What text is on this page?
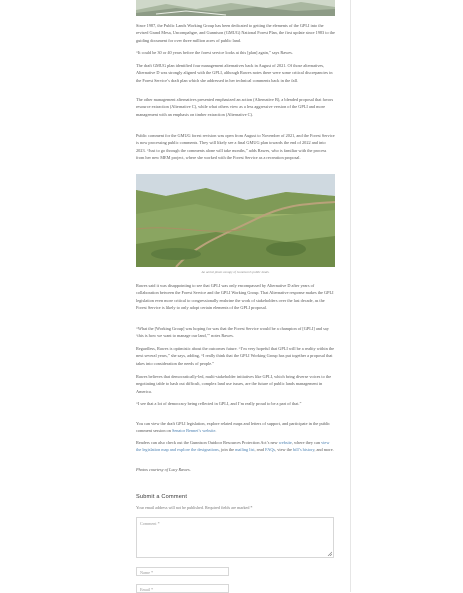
Since 1987, the Public Lands Working Group has been dedicated to getting the elements of the GPLI into the revised Grand Mesa, Uncompahgre, and Gunnison (GMUG) National Forest Plan, the first update since 1983 to the guiding document for over three million acres of public land.

“It could be 30 or 40 years before the forest service looks at this [plan] again,” says Rawes.

The draft GMUG plan identified four management alternatives back in August of 2021. Of those alternatives, Alternative D was strongly aligned with the GPLI, although Rawes notes there were some critical discrepancies in the Forest Service’s draft plan which she addressed in her technical comments back in the fall.

The other management alternatives presented emphasized an action (Alternative B), a blended proposal that favors resource extraction (Alternative C), while what others view as a less aggressive version of the GPLI and more management with an emphasis on timber extraction (Alternative C).

Public comment for the GMUG forest revision was open from August to November of 2021, and the Forest Service is now processing public comments. They will likely see a final GMUG plan towards the end of 2022 and into 2023. “Just to go through the comments alone will take months,” adds Rawes, who is familiar with the process from her new MEM project, where she worked with the Forest Service as a recreation proposal.

An aerial photo canopy of Gunnison’s public lands.

Rawes said it was disappointing to see that GPLI was only encompassed by Alternative D after years of collaboration between the Forest Service and the GPLI Working Group. That Alternative response makes the GPLI legislation even more critical to congressionally enshrine the work of stakeholders over the last decade, as the Forest Service is likely to only adopt certain elements of the GPLI proposal.

“What the [Working Group] was hoping for was that the Forest Service would be a champion of [GPLI] and say ‘this is how we want to manage our land,’” notes Rawes.

Regardless, Rawes is optimistic about the outcomes future. “I’m very hopeful that GPLI will be a reality within the next several years,” she says, adding, “I really think that the GPLI Working Group has put together a proposal that takes into consideration the needs of people.”

Rawes believes that democratically-led, multi-stakeholder initiatives like GPLI, which bring diverse voices to the negotiating table to hash out difficult, complex land use issues, are the future of public lands management in America.

“I see that a lot of democracy being reflected in GPLI, and I’m really proud to be a part of that.”

You can view the draft GPLI legislation, explore related maps and letters of support, and participate in the public comment session on Senator Bennet’s website.

Readers can also check out the Gunnison Outdoor Resources Protection Act’s new website, where they can view the legislation map and explore the designations, join the mailing list, read FAQs, view the bill’s history, and more.

Photos courtesy of Lucy Rawes.

Submit a Comment
Your email address will not be published. Required fields are marked *
Comment *
Name *
Email *
